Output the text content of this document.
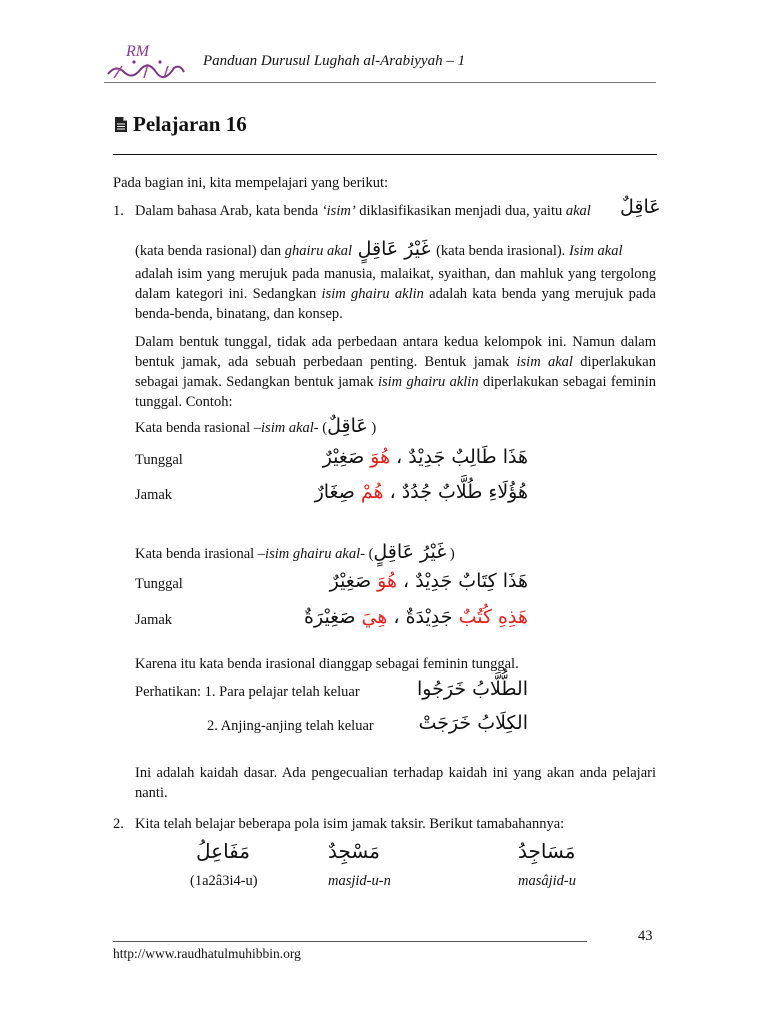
RM
Panduan Durusul Lughah al-Arabiyyah – 1
Pelajaran 16
Pada bagian ini, kita mempelajari yang berikut:
1. Dalam bahasa Arab, kata benda ‘isim’ diklasifikasikan menjadi dua, yaitu akal عَاقِلٌ
(kata benda rasional) dan ghairu akal غَيْرُ عَاقِلٍ (kata benda irasional). Isim akal
adalah isim yang merujuk pada manusia, malaikat, syaithan, dan mahluk yang tergolong dalam kategori ini. Sedangkan isim ghairu aklin adalah kata benda yang merujuk pada benda-benda, binatang, dan konsep.
Dalam bentuk tunggal, tidak ada perbedaan antara kedua kelompok ini. Namun dalam bentuk jamak, ada sebuah perbedaan penting. Bentuk jamak isim akal diperlakukan sebagai jamak. Sedangkan bentuk jamak isim ghairu aklin diperlakukan sebagai feminin tunggal. Contoh:
Kata benda rasional –isim akal- (عَاقِلٌ )
Tunggal	هَذَا طَالِبٌ جَدِيْدٌ ، هُوَ صَغِيْرٌ
Jamak	هُؤُلَاءِ طُلَّابٌ جُدُدٌ ، هُمْ صِغَارٌ
Kata benda irasional –isim ghairu akal- (غَيْرُ عَاقِلٍ )
Tunggal	هَذَا كِتَابٌ جَدِيْدٌ ، هُوَ صَغِيْرٌ
Jamak	هَذِهِ كُتُبٌ جَدِيْدَةٌ ، هِيَ صَغِيْرَةٌ
Karena itu kata benda irasional dianggap sebagai feminin tunggal.
Perhatikan: 1. Para pelajar telah keluar	الطُّلَّابُ خَرَجُوا
2. Anjing-anjing telah keluar الكِلَابُ خَرَجَتْ
Ini adalah kaidah dasar. Ada pengecualian terhadap kaidah ini yang akan anda pelajari nanti.
2. Kita telah belajar beberapa pola isim jamak taksir. Berikut tamabahannya:
مَفَاعِلُ	مَسْجِدٌ	مَسَاجِدُ
(1a2â3i4-u)	masjid-u-n	masâjid-u
43
http://www.raudhatulmuhibbin.org
